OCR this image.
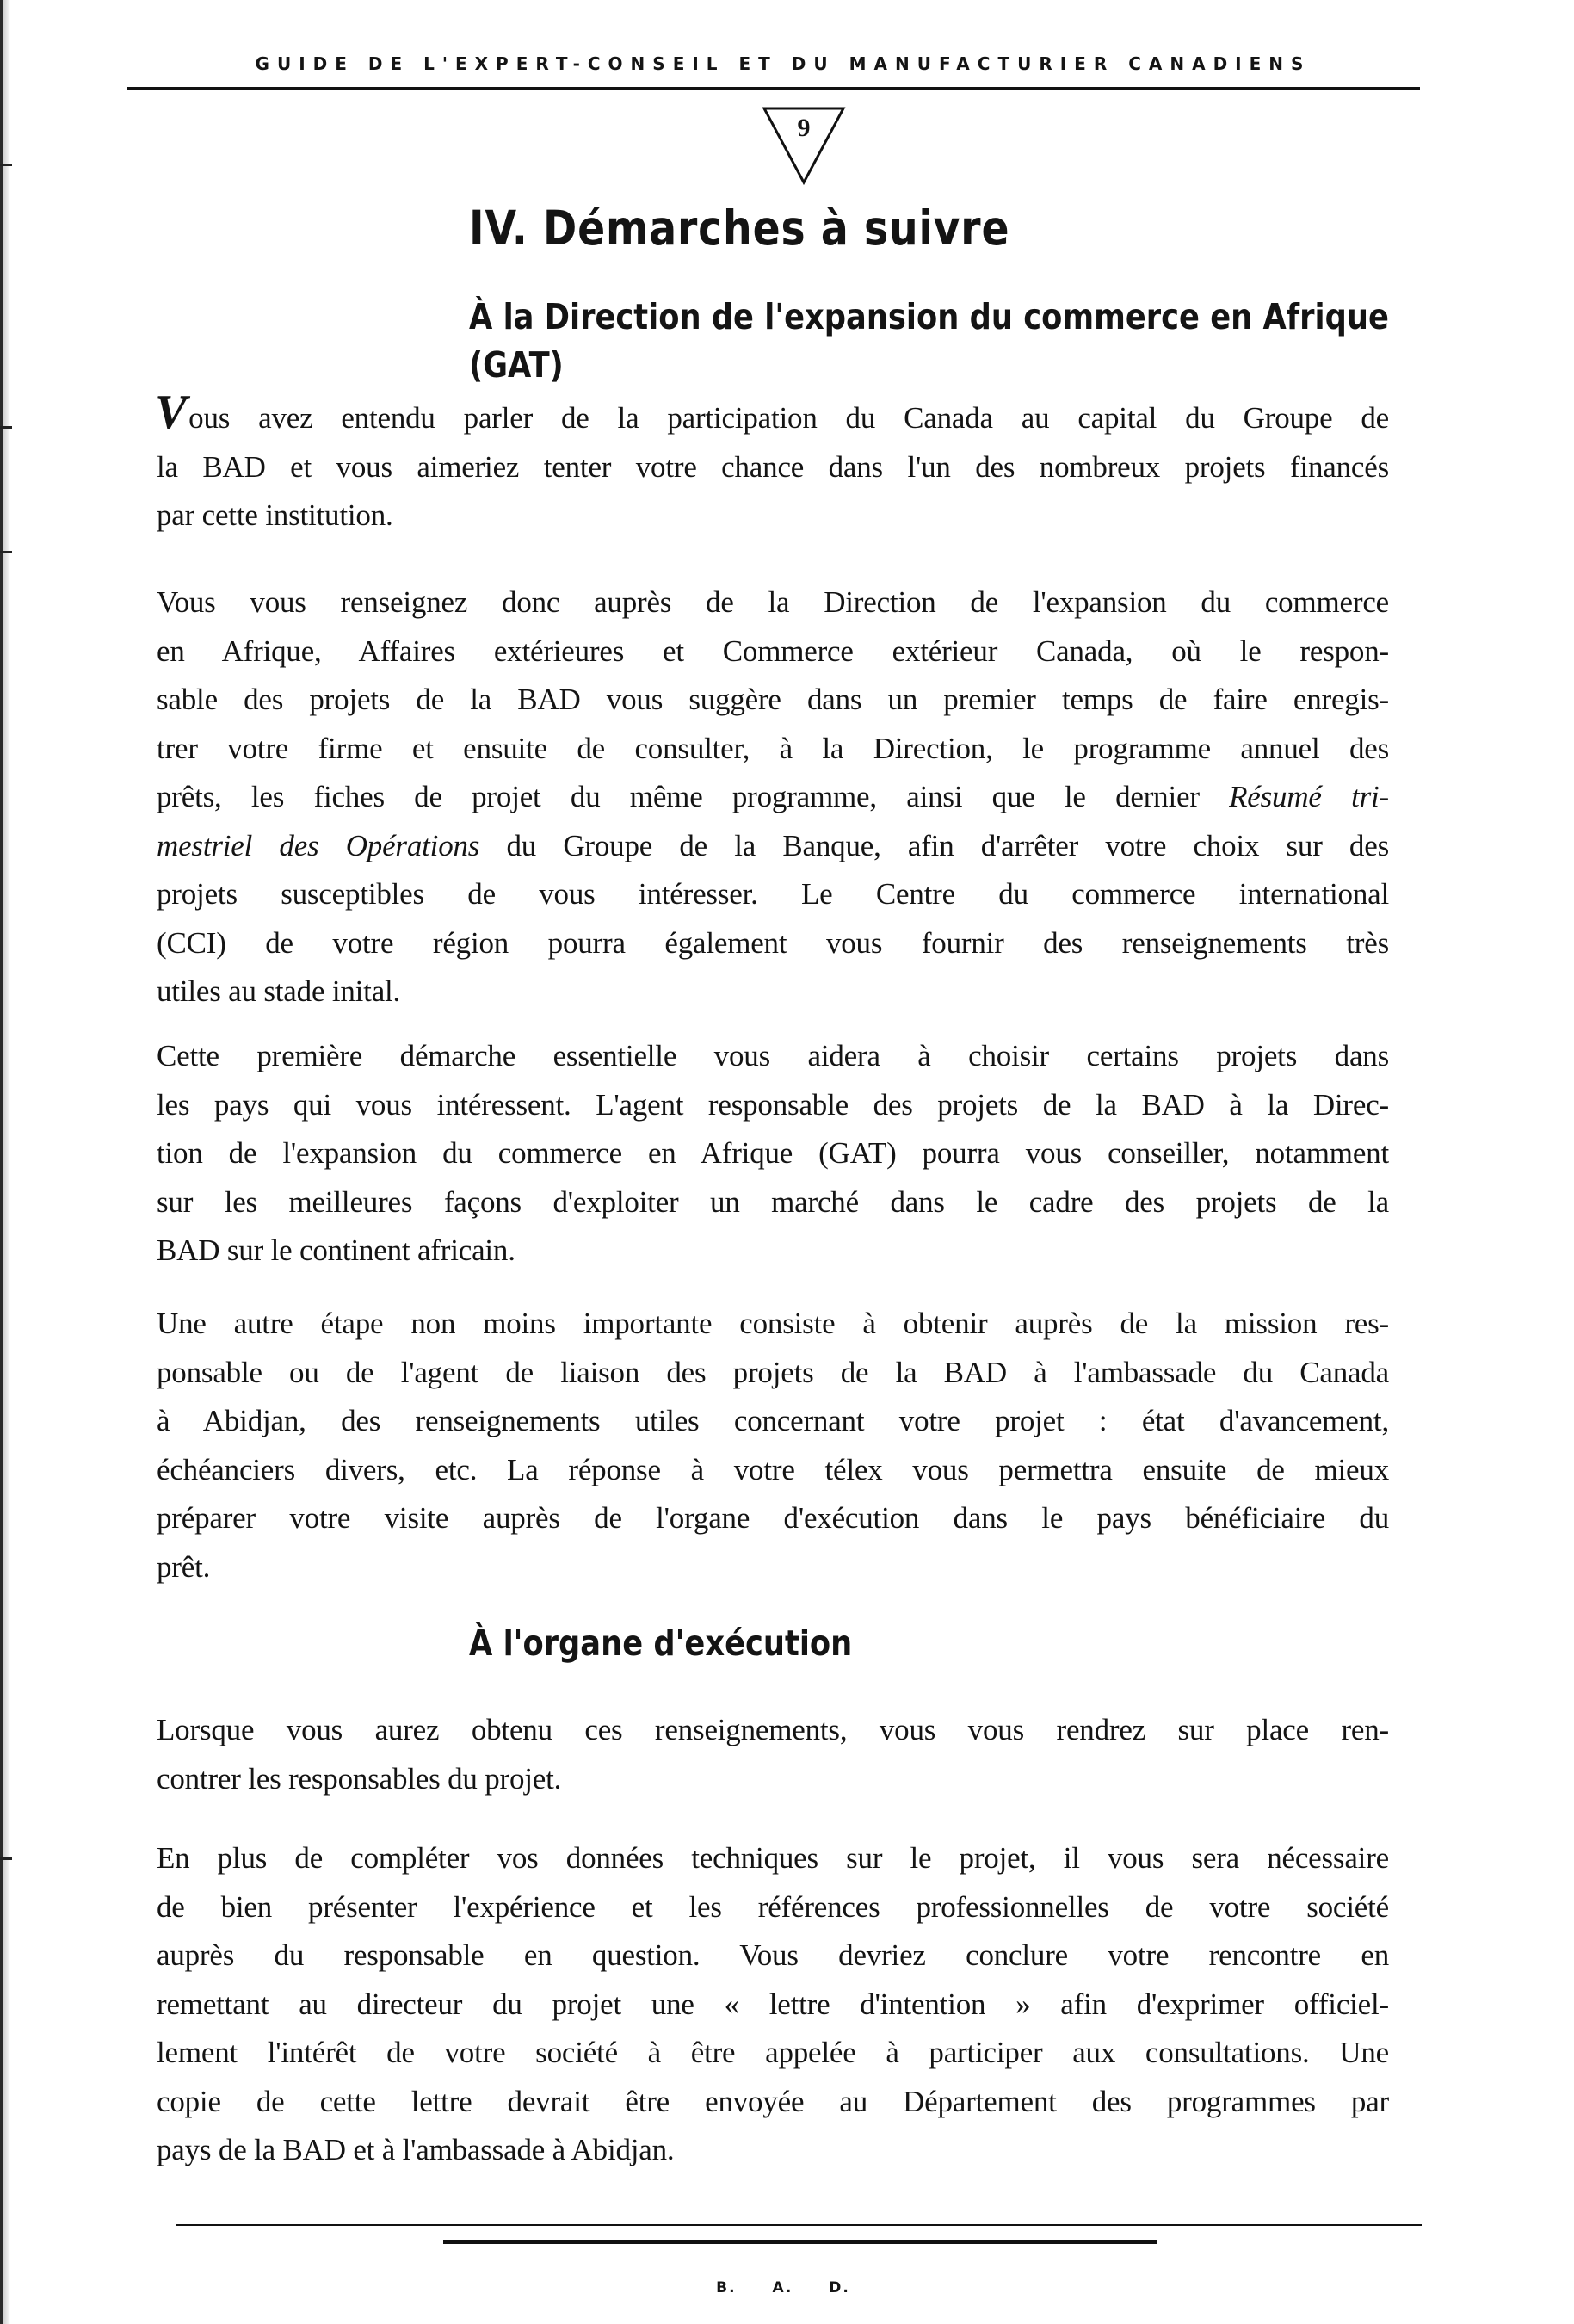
GUIDE DE L'EXPERT-CONSEIL ET DU MANUFACTURIER CANADIENS
9
IV. Démarches à suivre
À la Direction de l'expansion du commerce en Afrique
(GAT)

Vous avez entendu parler de la participation du Canada au capital du Groupe de
la BAD et vous aimeriez tenter votre chance dans l'un des nombreux projets financés
par cette institution.

Vous vous renseignez donc auprès de la Direction de l'expansion du commerce
en Afrique, Affaires extérieures et Commerce extérieur Canada, où le respon-
sable des projets de la BAD vous suggère dans un premier temps de faire enregis-
trer votre firme et ensuite de consulter, à la Direction, le programme annuel des
prêts, les fiches de projet du même programme, ainsi que le dernier Résumé tri-
mestriel des Opérations du Groupe de la Banque, afin d'arrêter votre choix sur des
projets susceptibles de vous intéresser. Le Centre du commerce international
(CCI) de votre région pourra également vous fournir des renseignements très
utiles au stade inital.

Cette première démarche essentielle vous aidera à choisir certains projets dans
les pays qui vous intéressent. L'agent responsable des projets de la BAD à la Direc-
tion de l'expansion du commerce en Afrique (GAT) pourra vous conseiller, notamment
sur les meilleures façons d'exploiter un marché dans le cadre des projets de la
BAD sur le continent africain.

Une autre étape non moins importante consiste à obtenir auprès de la mission res-
ponsable ou de l'agent de liaison des projets de la BAD à l'ambassade du Canada
à Abidjan, des renseignements utiles concernant votre projet : état d'avancement,
échéanciers divers, etc. La réponse à votre télex vous permettra ensuite de mieux
préparer votre visite auprès de l'organe d'exécution dans le pays bénéficiaire du
prêt.

À l'organe d'exécution

Lorsque vous aurez obtenu ces renseignements, vous vous rendrez sur place ren-
contrer les responsables du projet.

En plus de compléter vos données techniques sur le projet, il vous sera nécessaire
de bien présenter l'expérience et les références professionnelles de votre société
auprès du responsable en question. Vous devriez conclure votre rencontre en
remettant au directeur du projet une « lettre d'intention » afin d'exprimer officiel-
lement l'intérêt de votre société à être appelée à participer aux consultations. Une
copie de cette lettre devrait être envoyée au Département des programmes par
pays de la BAD et à l'ambassade à Abidjan.

B. A. D.
